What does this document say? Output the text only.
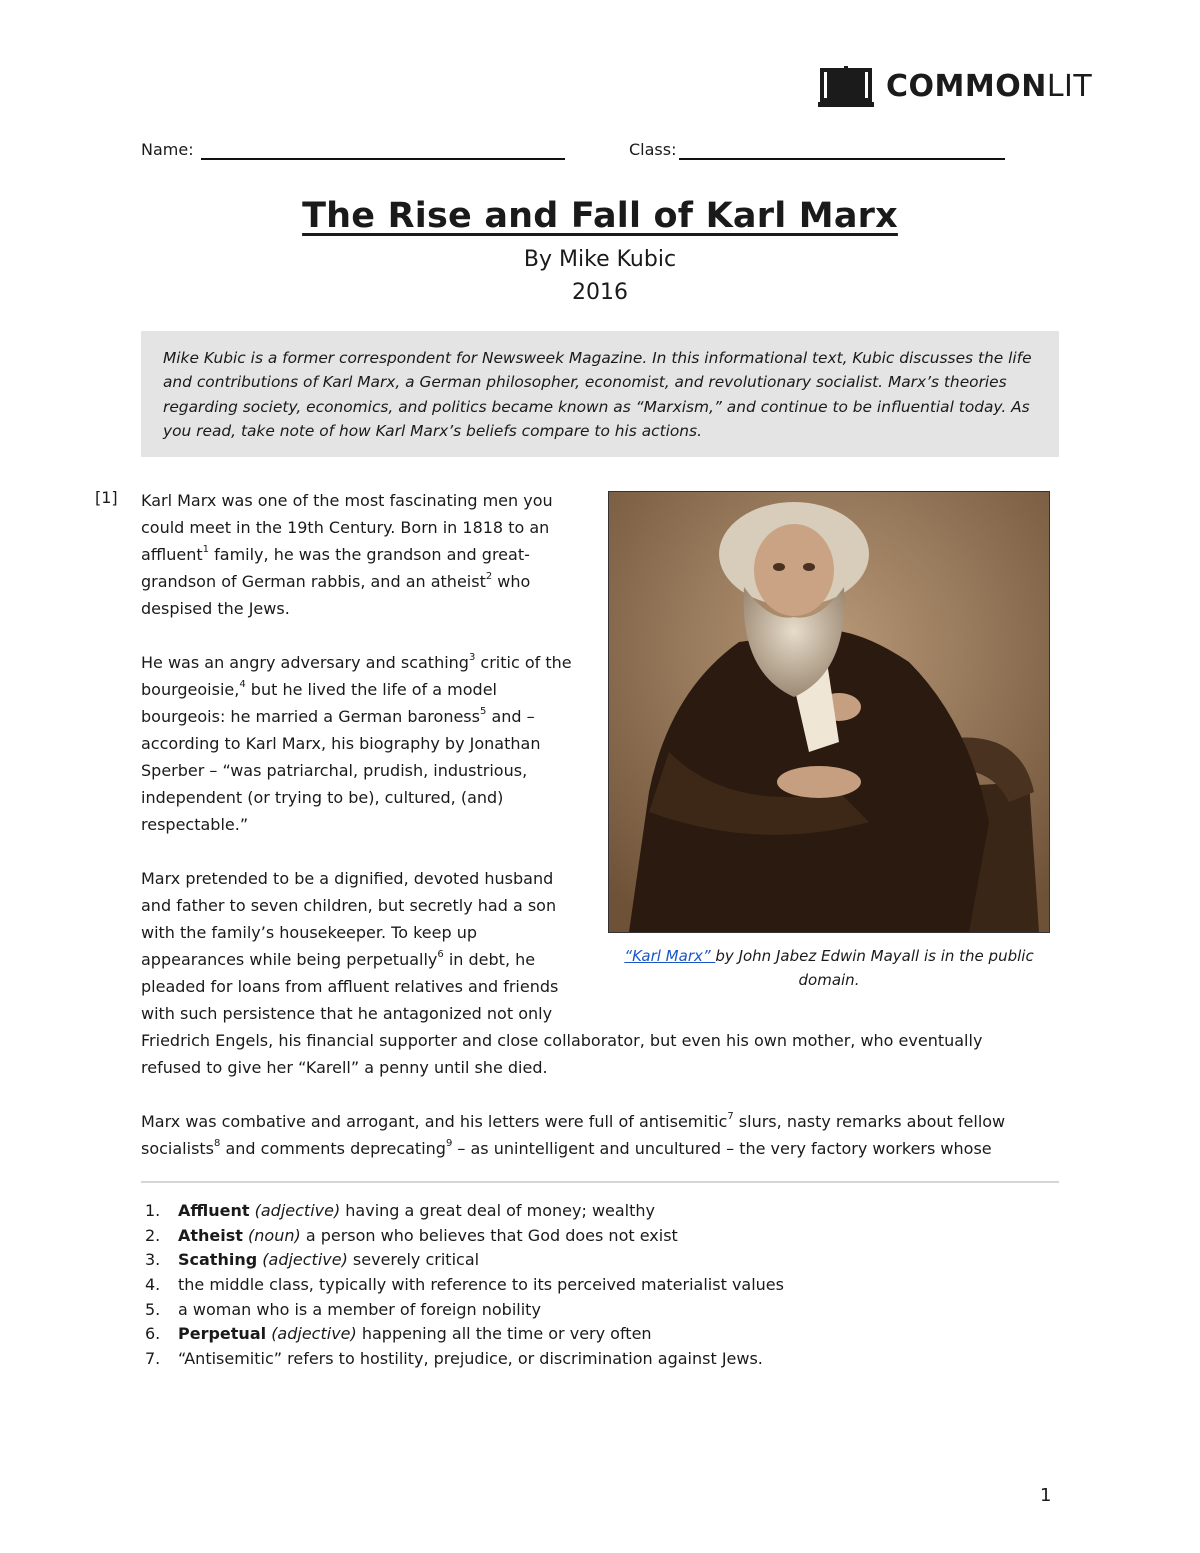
COMMONLIT
Name:	Class:
The Rise and Fall of Karl Marx
By Mike Kubic
2016
Mike Kubic is a former correspondent for Newsweek Magazine. In this informational text, Kubic discusses the life
and contributions of Karl Marx, a German philosopher, economist, and revolutionary socialist. Marx’s theories
regarding society, economics, and politics became known as “Marxism,” and continue to be influential today. As
you read, take note of how Karl Marx’s beliefs compare to his actions.
[1] Karl Marx was one of the most fascinating men you
could meet in the 19th Century. Born in 1818 to an
affluent$^1$ family, he was the grandson and great-
grandson of German rabbis, and an atheist$^2$ who
despised the Jews.
He was an angry adversary and scathing$^3$ critic of the
bourgeoisie,$^4$ but he lived the life of a model
bourgeois: he married a German baroness$^5$ and –
according to Karl Marx, his biography by Jonathan
Sperber – “was patriarchal, prudish, industrious,
independent (or trying to be), cultured, (and)
respectable.”
Marx pretended to be a dignified, devoted husband
and father to seven children, but secretly had a son
with the family’s housekeeper. To keep up
appearances while being perpetually$^6$ in debt, he
pleaded for loans from affluent relatives and friends
with such persistence that he antagonized not only
Friedrich Engels, his financial supporter and close collaborator, but even his own mother, who eventually
refused to give her “Karell” a penny until she died.
Marx was combative and arrogant, and his letters were full of antisemitic$^7$ slurs, nasty remarks about fellow
socialists$^8$ and comments deprecating$^9$ – as unintelligent and uncultured – the very factory workers whose
“Karl Marx” by John Jabez Edwin Mayall is in the public
domain.
1. Affluent (adjective) having a great deal of money; wealthy
2. Atheist (noun) a person who believes that God does not exist
3. Scathing (adjective) severely critical
4. the middle class, typically with reference to its perceived materialist values
5. a woman who is a member of foreign nobility
6. Perpetual (adjective) happening all the time or very often
7. “Antisemitic” refers to hostility, prejudice, or discrimination against Jews.
1
